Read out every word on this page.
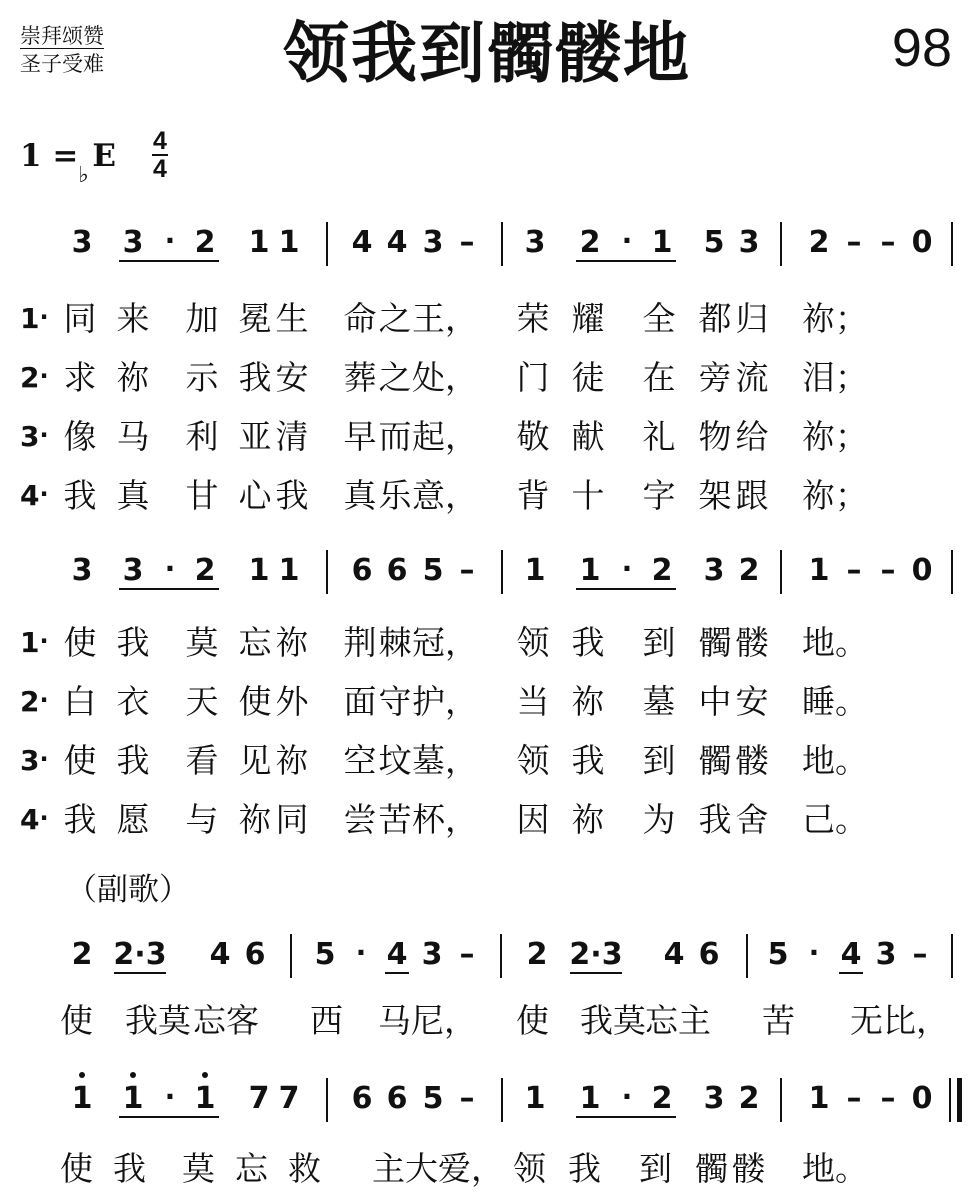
崇拜颂赞
圣子受难	领我到髑髅地	98
1 =
♭
E 4
4
3 3 · 2 1 1 4 4 3 – 3 2 · 1 5 3 2 – – 0
1 · 同 来 加 冕 生 命 之 王，	荣 耀 全 都 归 祢；
2 · 求 祢 示 我 安 葬 之 处，	门 徒 在 旁 流 泪；
3 · 像 马 利 亚 清 早 而 起，	敬 献 礼 物 给 祢；
4 · 我 真 甘 心 我 真 乐 意，	背 十 字 架 跟 祢；
3 3 · 2 1 1 6 6 5 – 1 1 · 2 3 2 1 – – 0
1 · 使 我 莫 忘 祢 荆 棘 冠，	领 我 到 髑 髅 地。
2 · 白 衣 天 使 外 面 守 护，	当 祢 墓 中 安 睡。
3 · 使 我 看 见 祢 空 坟 墓，	领 我 到 髑 髅 地。
4 · 我 愿 与 祢 同 尝 苦 杯，	因 祢 为 我 舍 己。
（副歌）
2 2·3 4 6 5 · 4 3 – 2 2·3 4 6 5 · 4 3 –
使 我莫 忘客	西	马尼，	使 我莫 忘主	苦	无比，
1 1 · 1 7 7 6 6 5 – 1 1 · 2 3 2 1 – – 0
使 我	莫 忘 救	主大爱， 领 我	到 髑 髅	地。
